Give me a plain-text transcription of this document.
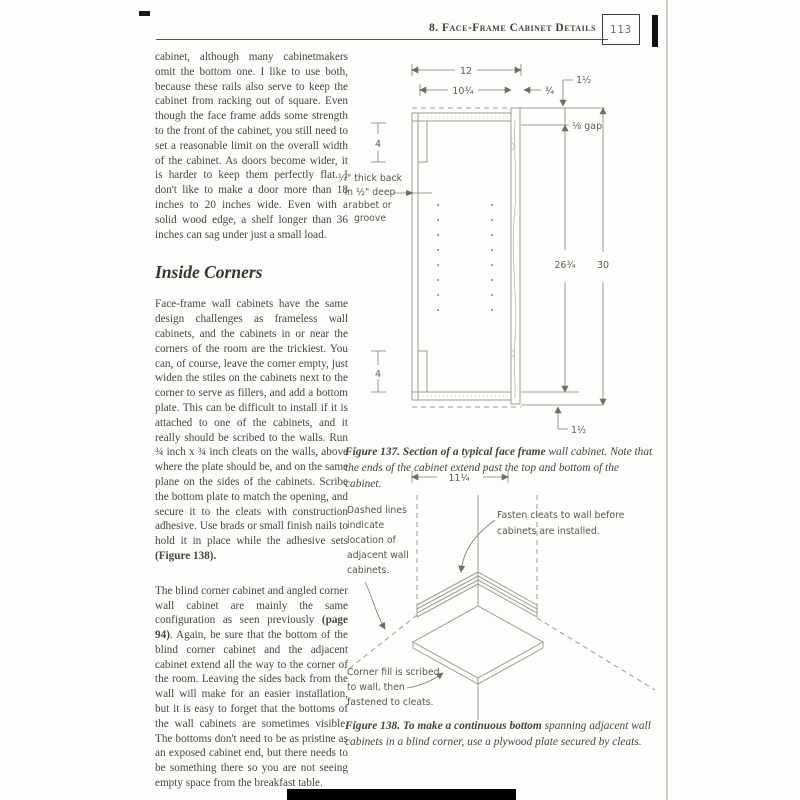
8. Face-Frame Cabinet Details 113

cabinet, although many cabinetmakers omit the bottom one. I like to use both, because these rails also serve to keep the cabinet from racking out of square. Even though the face frame adds some strength to the front of the cabinet, you still need to set a reasonable limit on the overall width of the cabinet. As doors become wider, it is harder to keep them perfectly flat. I don't like to make a door more than 18 inches to 20 inches wide. Even with a solid wood edge, a shelf longer than 36 inches can sag under just a small load.

Inside Corners

Face-frame wall cabinets have the same design challenges as frameless wall cabinets, and the cabinets in or near the corners of the room are the trickiest. You can, of course, leave the corner empty, just widen the stiles on the cabinets next to the corner to serve as fillers, and add a bottom plate. This can be difficult to install if it is attached to one of the cabinets, and it really should be scribed to the walls. Run ¾ inch x ¾ inch cleats on the walls, above where the plate should be, and on the same plane on the sides of the cabinets. Scribe the bottom plate to match the opening, and secure it to the cleats with construction adhesive. Use brads or small finish nails to hold it in place while the adhesive sets (Figure 138).

The blind corner cabinet and angled corner wall cabinet are mainly the same configuration as seen previously (page 94). Again, be sure that the bottom of the blind corner cabinet and the adjacent cabinet extend all the way to the corner of the room. Leaving the sides back from the wall will make for an easier installation, but it is easy to forget that the bottoms of the wall cabinets are sometimes visible. The bottoms don't need to be as pristine as an exposed cabinet end, but there needs to be something there so you are not seeing empty space from the breakfast table.

12
10¾	¾
1½
⅛ gap
26¾ 30
1½
11¼
4
4
¼" thick back
in ½" deep
rabbet or
groove
Figure 137. Section of a typical face frame wall cabinet. Note that the ends of the cabinet extend past the top and bottom of the cabinet.
Dashed lines
indicate
location of
adjacent wall
cabinets.
Fasten cleats to wall before
cabinets are installed.
Corner fill is scribed
to wall, then
fastened to cleats.
Figure 138. To make a continuous bottom spanning adjacent wall cabinets in a blind corner, use a plywood plate secured by cleats.
